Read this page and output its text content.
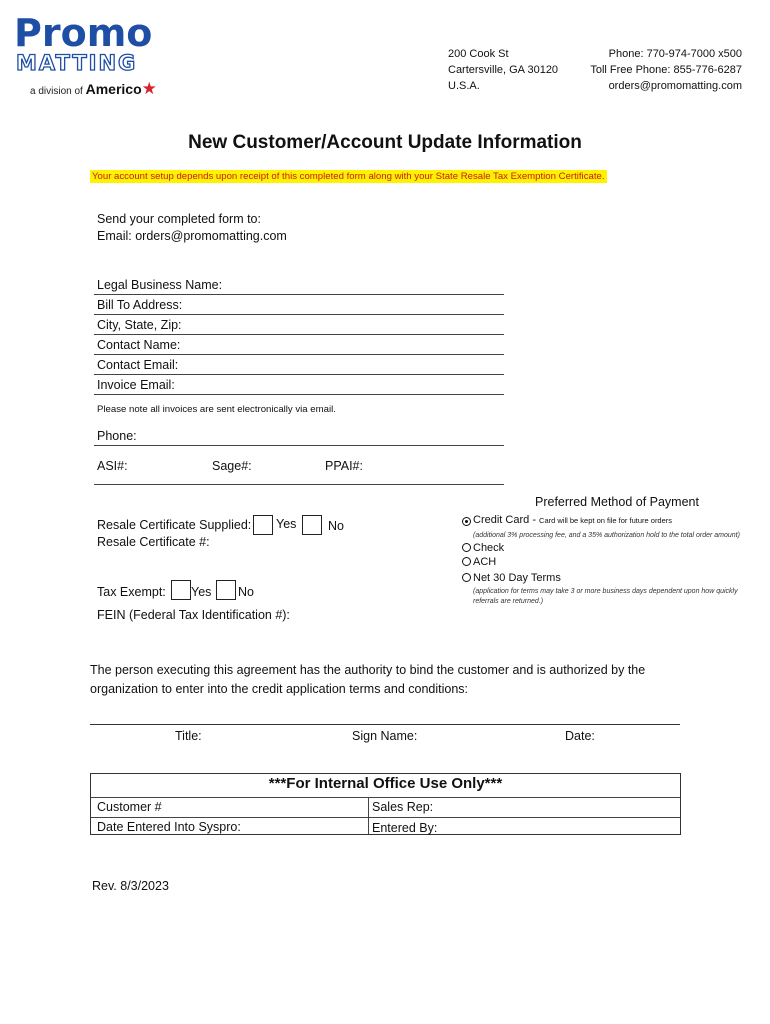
Promo
MATTING
a division of Americo★
200 Cook St
Cartersville, GA 30120
U.S.A.
Phone: 770-974-7000 x500
Toll Free Phone: 855-776-6287
orders@promomatting.com
New Customer/Account Update Information
Your account setup depends upon receipt of this completed form along with your State Resale Tax Exemption Certificate.
Send your completed form to:
Email: orders@promomatting.com
Legal Business Name:
Bill To Address:
City, State, Zip:
Contact Name:
Contact Email:
Invoice Email:
Please note all invoices are sent electronically via email.
Phone:
ASI#:	Sage#:	PPAI#:
Resale Certificate Supplied: Yes	No
Resale Certificate #:
Tax Exempt: Yes No
FEIN (Federal Tax Identification #):
Preferred Method of Payment
Credit Card - Card will be kept on file for future orders
(additional 3% processing fee, and a 35% authorization hold to the total order amount)
Check
ACH
Net 30 Day Terms
(application for terms may take 3 or more business days dependent upon how quickly referrals are returned.)
The person executing this agreement has the authority to bind the customer and is authorized by the organization to enter into the credit application terms and conditions:
Title:	Sign Name:	Date:
***For Internal Office Use Only***
Customer #	Sales Rep:
Date Entered Into Syspro:	Entered By:
Rev. 8/3/2023
